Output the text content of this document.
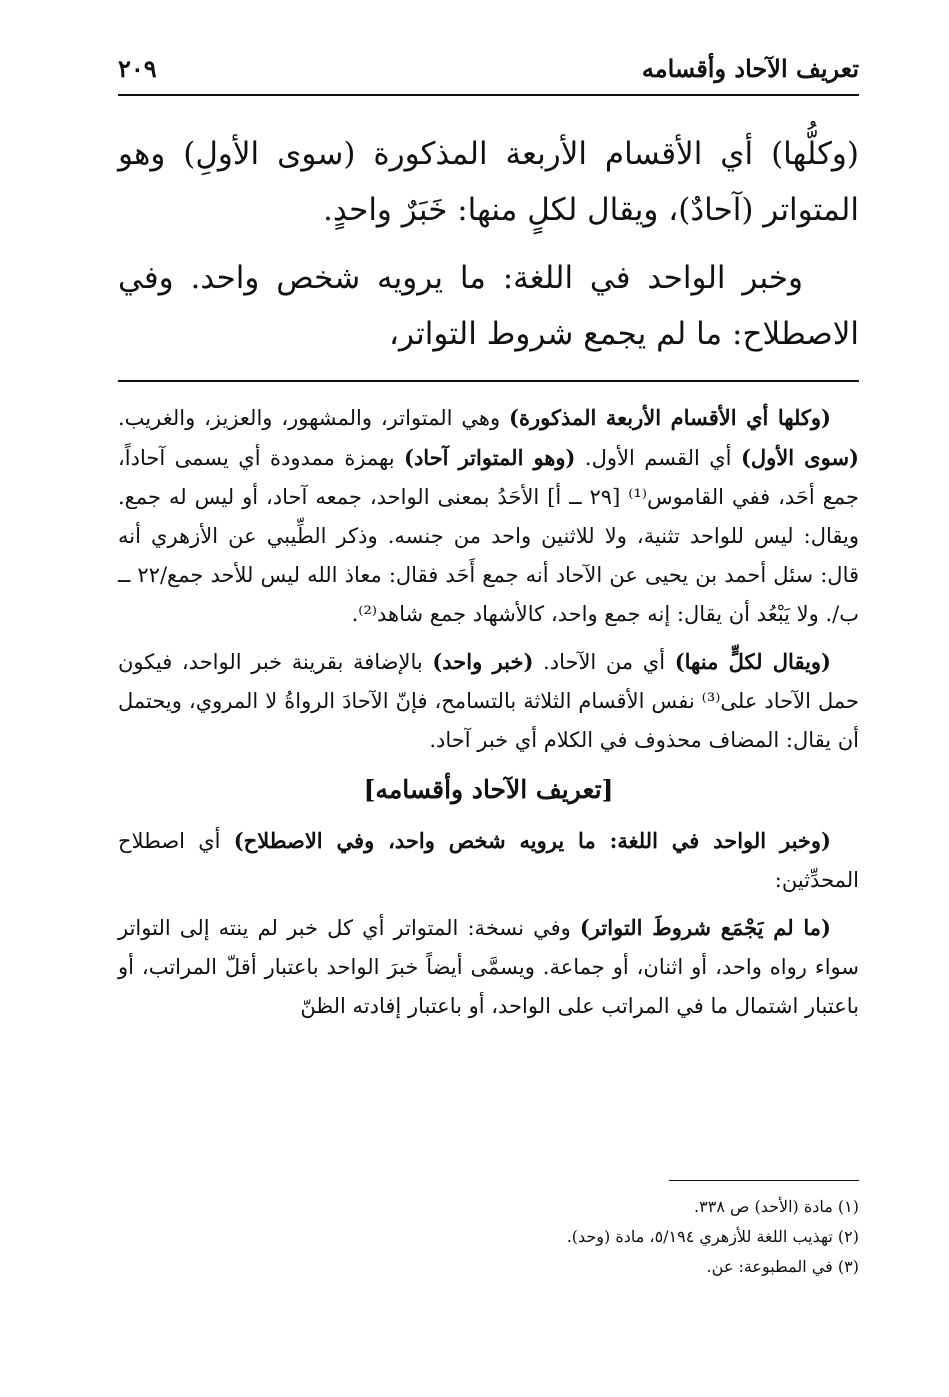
تعريف الآحاد وأقسامه
٢٠٩

(وكلُّها) أي الأقسام الأربعة المذكورة (سوى الأولِ) وهو المتواتر (آحادٌ)، ويقال لكلٍ منها: خَبَرٌ واحدٍ.

وخبر الواحد في اللغة: ما يرويه شخص واحد. وفي الاصطلاح: ما لم يجمع شروط التواتر،

(وكلها أي الأقسام الأربعة المذكورة) وهي المتواتر، والمشهور، والعزيز، والغريب. (سوى الأول) أي القسم الأول. (وهو المتواتر آحاد) بهمزة ممدودة أي يسمى آحاداً، جمع أحَد، ففي القاموس⁽¹⁾ [٢٩ ــ أ] الأحَدُ بمعنى الواحد، جمعه آحاد، أو ليس له جمع. ويقال: ليس للواحد تثنية، ولا للاثنين واحد من جنسه. وذكر الطِّيبي عن الأزهري أنه قال: سئل أحمد بن يحيى عن الآحاد أنه جمع أَحَد فقال: معاذ الله ليس للأحد جمع/٢٢ ــ ب/. ولا يَبْعُد أن يقال: إنه جمع واحد، كالأشهاد جمع شاهد⁽²⁾.

(ويقال لكلٍّ منها) أي من الآحاد. (خبر واحد) بالإضافة بقرينة خبر الواحد، فيكون حمل الآحاد على⁽³⁾ نفس الأقسام الثلاثة بالتسامح، فإنّ الآحادَ الرواةُ لا المروي، ويحتمل أن يقال: المضاف محذوف في الكلام أي خبر آحاد.

[تعريف الآحاد وأقسامه]

(وخبر الواحد في اللغة: ما يرويه شخص واحد، وفي الاصطلاح) أي اصطلاح المحدِّثين:

(ما لم يَجْمَع شروطَ التواتر) وفي نسخة: المتواتر أي كل خبر لم ينته إلى التواتر سواء رواه واحد، أو اثنان، أو جماعة. ويسمَّى أيضاً خبرَ الواحد باعتبار أقلّ المراتب، أو باعتبار اشتمال ما في المراتب على الواحد، أو باعتبار إفادته الظنّ

(١) مادة (الأحد) ص ٣٣٨.
(٢) تهذيب اللغة للأزهري ٥/١٩٤، مادة (وحد).
(٣) في المطبوعة: عن.
